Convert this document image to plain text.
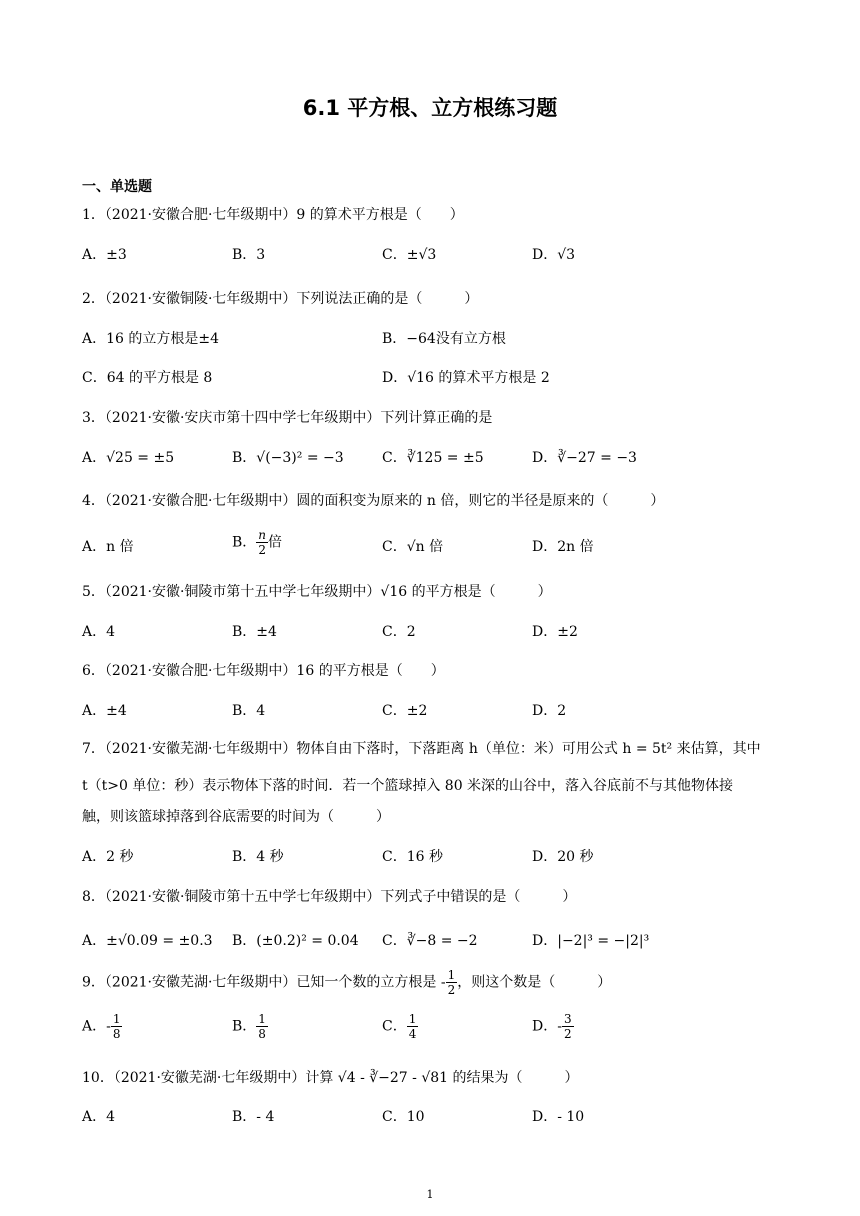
6.1 平方根、立方根练习题
一、单选题
1．（2021·安徽合肥·七年级期中）9 的算术平方根是（　　）
A．±3	B．3	C．±√3	D．√3
2．（2021·安徽铜陵·七年级期中）下列说法正确的是（　　　）
A．16 的立方根是±4	B．−64没有立方根
C．64 的平方根是 8	D．√16 的算术平方根是 2
3．（2021·安徽·安庆市第十四中学七年级期中）下列计算正确的是
A．√25 = ±5	B．√(−3)² = −3	C．∛125 = ±5	D．∛−27 = −3
4．（2021·安徽合肥·七年级期中）圆的面积变为原来的 n 倍，则它的半径是原来的（　　　）
A．n 倍	B． $\frac{n}{2}$ 倍	C．√n 倍	D．2n 倍
5．（2021·安徽·铜陵市第十五中学七年级期中）√16 的平方根是（　　　）
A．4	B．±4	C．2	D．±2
6．（2021·安徽合肥·七年级期中）16 的平方根是（　　）
A．±4	B．4	C．±2	D．2
7．（2021·安徽芜湖·七年级期中）物体自由下落时，下落距离 h（单位：米）可用公式 h = 5t² 来估算，其中
t（t>0 单位：秒）表示物体下落的时间．若一个篮球掉入 80 米深的山谷中，落入谷底前不与其他物体接
触，则该篮球掉落到谷底需要的时间为（　　　）
A．2 秒	B．4 秒	C．16 秒	D．20 秒
8．（2021·安徽·铜陵市第十五中学七年级期中）下列式子中错误的是（　　　）
A．±√0.09 = ±0.3 B．(±0.2)² = 0.04 C．∛−8 = −2	D．|−2|³ = −|2|³
9．（2021·安徽芜湖·七年级期中）已知一个数的立方根是 - $\frac{1}{2}$ ，则这个数是（　　　）
A．- $\frac{1}{8}$	B． $\frac{1}{8}$	C． $\frac{1}{4}$	D．- $\frac{3}{2}$
10．（2021·安徽芜湖·七年级期中）计算 √4 - ∛−27 - √81 的结果为（　　　）
A．4	B．- 4	C．10	D．- 10
1
